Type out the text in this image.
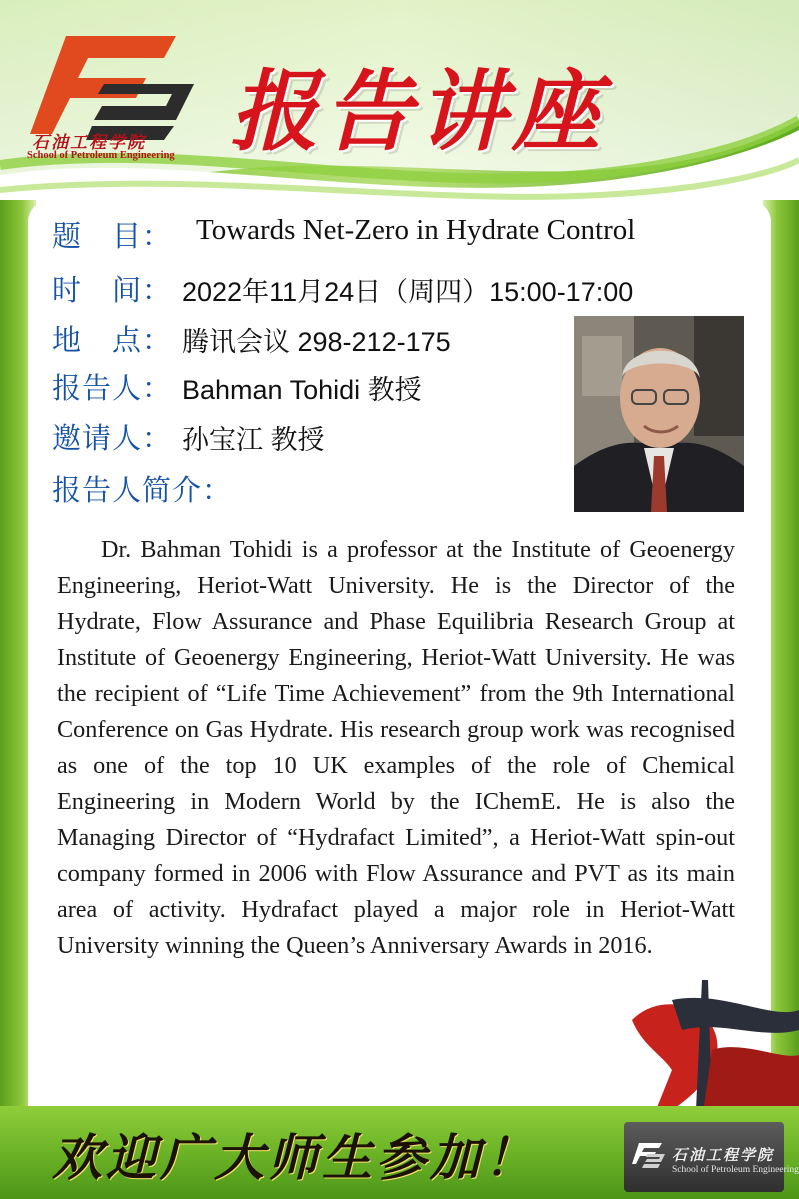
石油工程学院
School of Petroleum Engineering 报告讲座
题　目： Towards Net-Zero in Hydrate Control
时　间： 2022年11月24日（周四）15:00-17:00
地　点： 腾讯会议 298-212-175
报告人： Bahman Tohidi 教授
邀请人： 孙宝江 教授
报告人简介：

Dr. Bahman Tohidi is a professor at the Institute of Geoenergy Engineering, Heriot-Watt University. He is the Director of the Hydrate, Flow Assurance and Phase Equilibria Research Group at Institute of Geoenergy Engineering, Heriot-Watt University. He was the recipient of “Life Time Achievement” from the 9th International Conference on Gas Hydrate. His research group work was recognised as one of the top 10 UK examples of the role of Chemical Engineering in Modern World by the IChemE. He is also the Managing Director of “Hydrafact Limited”, a Heriot-Watt spin-out company formed in 2006 with Flow Assurance and PVT as its main area of activity. Hydrafact played a major role in Heriot-Watt University winning the Queen’s Anniversary Awards in 2016.

欢迎广大师生参加！	石油工程学院
School of Petroleum Engineering
